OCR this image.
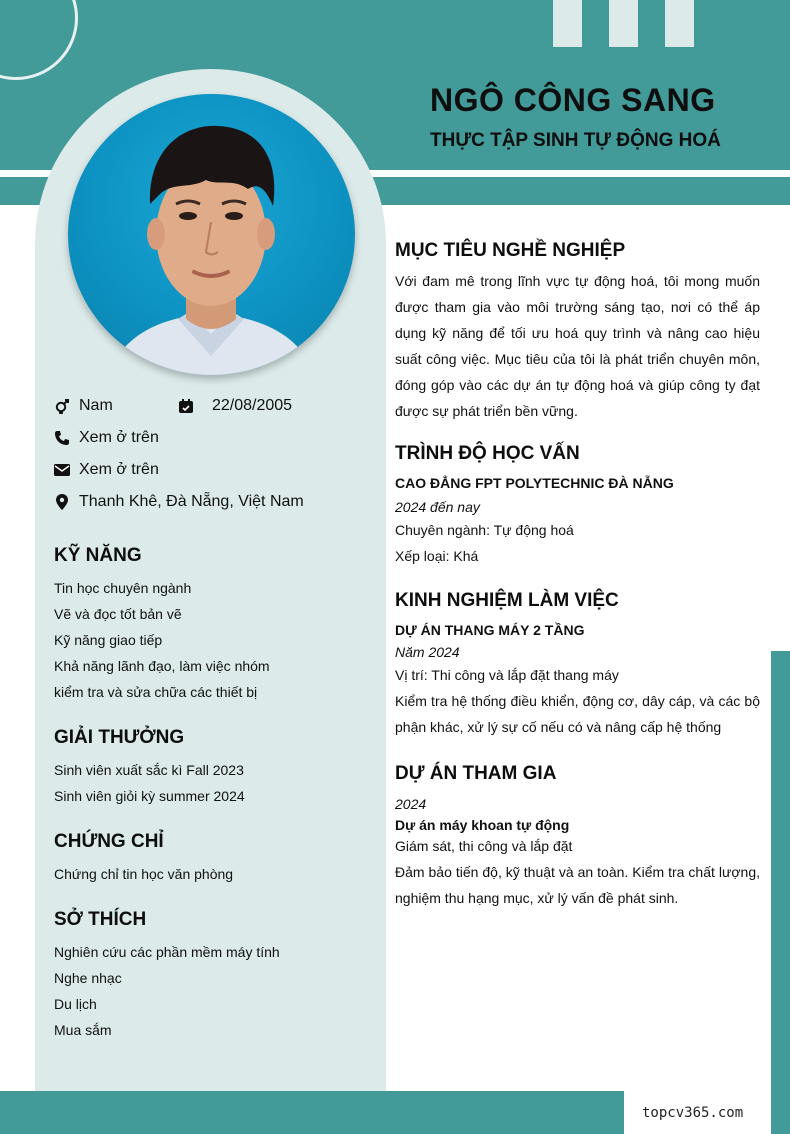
NGÔ CÔNG SANG
THỰC TẬP SINH TỰ ĐỘNG HOÁ
Nam	22/08/2005
Xem ở trên
Xem ở trên
Thanh Khê, Đà Nẵng, Việt Nam
KỸ NĂNG
Tin học chuyên ngành
Vẽ và đọc tốt bản vẽ
Kỹ năng giao tiếp
Khả năng lãnh đạo, làm việc nhóm
kiểm tra và sửa chữa các thiết bị
GIẢI THƯỞNG
Sinh viên xuất sắc kì Fall 2023
Sinh viên giỏi kỳ summer 2024
CHỨNG CHỈ
Chứng chỉ tin học văn phòng
SỞ THÍCH
Nghiên cứu các phần mềm máy tính
Nghe nhạc
Du lịch
Mua sắm
MỤC TIÊU NGHỀ NGHIỆP
Với đam mê trong lĩnh vực tự động hoá, tôi mong muốn được tham gia vào môi trường sáng tạo, nơi có thể áp dụng kỹ năng để tối ưu hoá quy trình và nâng cao hiệu suất công việc. Mục tiêu của tôi là phát triển chuyên môn, đóng góp vào các dự án tự động hoá và giúp công ty đạt được sự phát triển bền vững.
TRÌNH ĐỘ HỌC VẤN
CAO ĐẲNG FPT POLYTECHNIC ĐÀ NẴNG
2024 đến nay
Chuyên ngành: Tự động hoá
Xếp loại: Khá
KINH NGHIỆM LÀM VIỆC
DỰ ÁN THANG MÁY 2 TẦNG
Năm 2024
Vị trí: Thi công và lắp đặt thang máy
Kiểm tra hệ thống điều khiển, động cơ, dây cáp, và các bộ phận khác, xử lý sự cố nếu có và nâng cấp hệ thống
DỰ ÁN THAM GIA
2024
Dự án máy khoan tự động
Giám sát, thi công và lắp đặt
Đảm bảo tiến độ, kỹ thuật và an toàn. Kiểm tra chất lượng, nghiệm thu hạng mục, xử lý vấn đề phát sinh.
topcv365.com
